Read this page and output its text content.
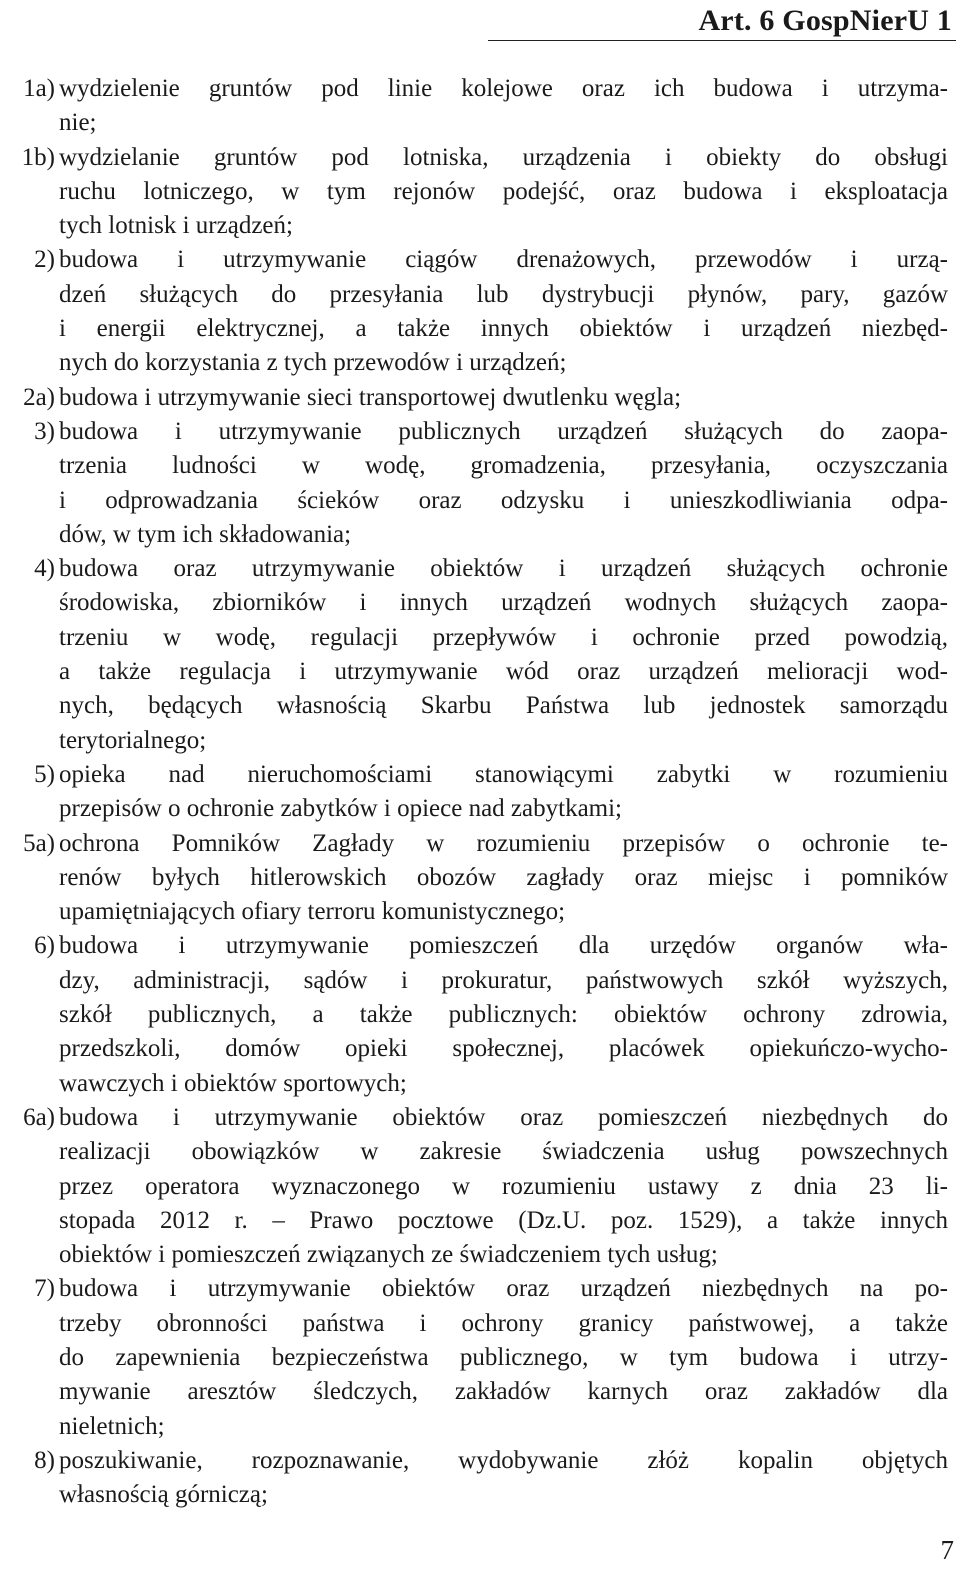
Art. 6 GospNierU 1
1a) wydzielenie gruntów pod linie kolejowe oraz ich budowa i utrzyma-
nie;
1b) wydzielanie gruntów pod lotniska, urządzenia i obiekty do obsługi
ruchu lotniczego, w tym rejonów podejść, oraz budowa i eksploatacja
tych lotnisk i urządzeń;
2) budowa i utrzymywanie ciągów drenażowych, przewodów i urzą-
dzeń służących do przesyłania lub dystrybucji płynów, pary, gazów
i energii elektrycznej, a także innych obiektów i urządzeń niezbęd-
nych do korzystania z tych przewodów i urządzeń;
2a) budowa i utrzymywanie sieci transportowej dwutlenku węgla;
3) budowa i utrzymywanie publicznych urządzeń służących do zaopa-
trzenia ludności w wodę, gromadzenia, przesyłania, oczyszczania
i odprowadzania ścieków oraz odzysku i unieszkodliwiania odpa-
dów, w tym ich składowania;
4) budowa oraz utrzymywanie obiektów i urządzeń służących ochronie
środowiska, zbiorników i innych urządzeń wodnych służących zaopa-
trzeniu w wodę, regulacji przepływów i ochronie przed powodzią,
a także regulacja i utrzymywanie wód oraz urządzeń melioracji wod-
nych, będących własnością Skarbu Państwa lub jednostek samorządu
terytorialnego;
5) opieka nad nieruchomościami stanowiącymi zabytki w rozumieniu
przepisów o ochronie zabytków i opiece nad zabytkami;
5a) ochrona Pomników Zagłady w rozumieniu przepisów o ochronie te-
renów byłych hitlerowskich obozów zagłady oraz miejsc i pomników
upamiętniających ofiary terroru komunistycznego;
6) budowa i utrzymywanie pomieszczeń dla urzędów organów wła-
dzy, administracji, sądów i prokuratur, państwowych szkół wyższych,
szkół publicznych, a także publicznych: obiektów ochrony zdrowia,
przedszkoli, domów opieki społecznej, placówek opiekuńczo-wycho-
wawczych i obiektów sportowych;
6a) budowa i utrzymywanie obiektów oraz pomieszczeń niezbędnych do
realizacji obowiązków w zakresie świadczenia usług powszechnych
przez operatora wyznaczonego w rozumieniu ustawy z dnia 23 li-
stopada 2012 r. – Prawo pocztowe (Dz.U. poz. 1529), a także innych
obiektów i pomieszczeń związanych ze świadczeniem tych usług;
7) budowa i utrzymywanie obiektów oraz urządzeń niezbędnych na po-
trzeby obronności państwa i ochrony granicy państwowej, a także
do zapewnienia bezpieczeństwa publicznego, w tym budowa i utrzy-
mywanie aresztów śledczych, zakładów karnych oraz zakładów dla
nieletnich;
8) poszukiwanie, rozpoznawanie, wydobywanie złóż kopalin objętych
własnością górniczą;
7
